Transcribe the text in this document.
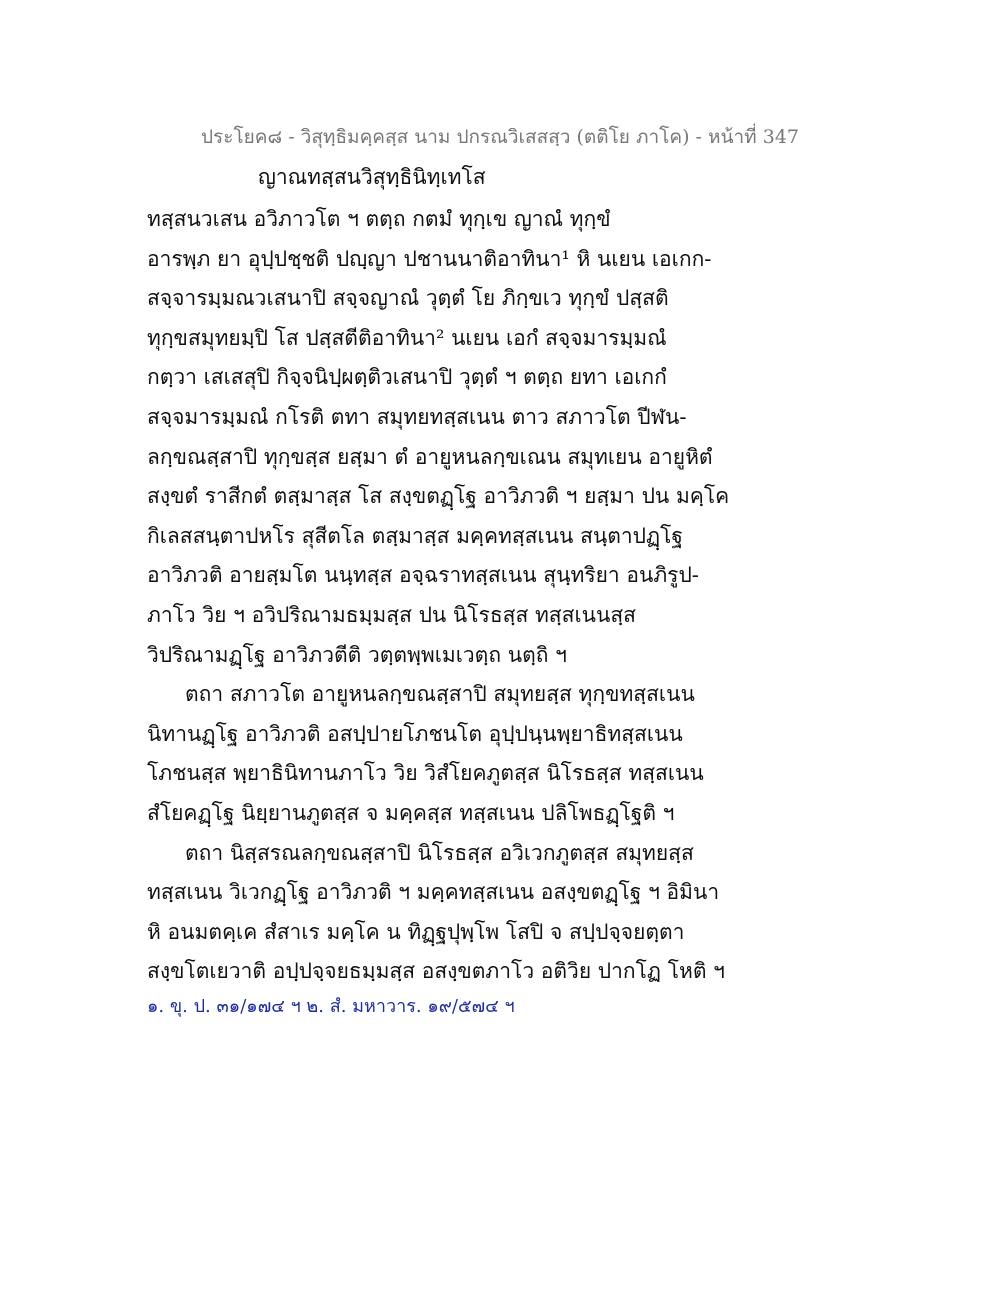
ประโยค๘ - วิสุทฺธิมคฺคสฺส นาม ปกรณวิเสสสฺว (ตติโย ภาโค) - หน้าที่ 347
ญาณทสฺสนวิสุทฺธินิทฺเทโส
ทสฺสนวเสน อวิภาวโต ฯ ตตฺถ กตมํ ทุกฺเข ญาณํ ทุกฺขํ
อารพฺภ ยา อุปฺปชฺชติ ปญฺญา ปชานนาติอาทินา¹ หิ นเยน เอเกก-
สจฺจารมฺมณวเสนาปิ สจฺจญาณํ วุตฺตํ โย ภิกฺขเว ทุกฺขํ ปสฺสติ
ทุกฺขสมุทยมฺปิ โส ปสฺสตีติอาทินา² นเยน เอกํ สจฺจมารมฺมณํ
กตฺวา เสเสสุปิ กิจฺจนิปฺผตฺติวเสนาปิ วุตฺตํ ฯ ตตฺถ ยทา เอเกกํ
สจฺจมารมฺมณํ กโรติ ตทา สมุทยทสฺสเนน ตาว สภาวโต ปีฬน-
ลกฺขณสฺสาปิ ทุกฺขสฺส ยสฺมา ตํ อายูหนลกฺขเณน สมุทเยน อายูหิตํ
สงฺขตํ ราสีกตํ ตสฺมาสฺส โส สงฺขตฏฺโฐ อาวิภวติ ฯ ยสฺมา ปน มคฺโค
กิเลสสนฺตาปหโร สุสีตโล ตสฺมาสฺส มคฺคทสฺสเนน สนฺตาปฏฺโฐ
อาวิภวติ อายสฺมโต นนฺทสฺส อจฺฉราทสฺสเนน สุนฺทริยา อนภิรูป-
ภาโว วิย ฯ อวิปริณามธมฺมสฺส ปน นิโรธสฺส ทสฺสเนนสฺส
วิปริณามฏฺโฐ อาวิภวตีติ วตฺตพฺพเมเวตฺถ นตฺถิ ฯ
ตถา สภาวโต อายูหนลกฺขณสฺสาปิ สมุทยสฺส ทุกฺขทสฺสเนน
นิทานฏฺโฐ อาวิภวติ อสปฺปายโภชนโต อุปฺปนฺนพฺยาธิทสฺสเนน
โภชนสฺส พฺยาธินิทานภาโว วิย วิสํโยคภูตสฺส นิโรธสฺส ทสฺสเนน
สํโยคฏฺโฐ นิยฺยานภูตสฺส จ มคฺคสฺส ทสฺสเนน ปลิโพธฏฺโฐติ ฯ
ตถา นิสฺสรณลกฺขณสฺสาปิ นิโรธสฺส อวิเวกภูตสฺส สมุทยสฺส
ทสฺสเนน วิเวกฏฺโฐ อาวิภวติ ฯ มคฺคทสฺสเนน อสงฺขตฏฺโฐ ฯ อิมินา
หิ อนมตคฺเค สํสาเร มคฺโค น ทิฏฺฐปุพฺโพ โสปิ จ สปฺปจฺจยตฺตา
สงฺขโตเยวาติ อปฺปจฺจยธมฺมสฺส อสงฺขตภาโว อติวิย ปากโฏ โหติ ฯ
๑. ขุ. ป. ๓๑/๑๗๔ ฯ ๒. สํ. มหาวาร. ๑๙/๕๗๔ ฯ
